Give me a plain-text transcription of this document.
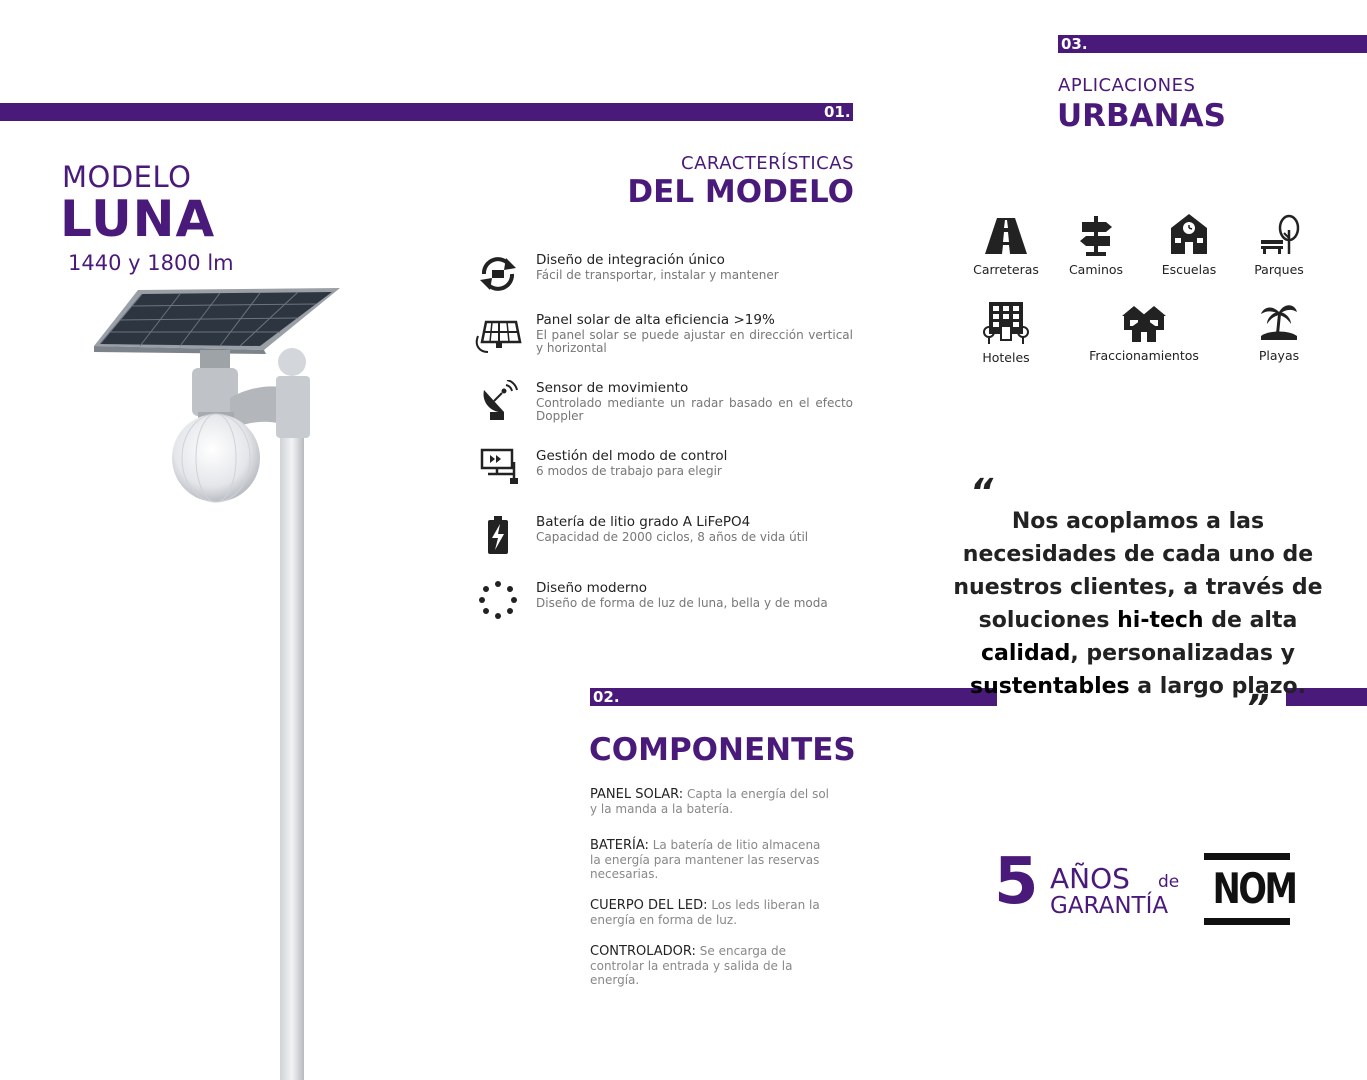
MODELO
LUNA
1440 y 1800 lm
01.
CARACTERÍSTICAS
DEL MODELO
Diseño de integración único
Fácil de transportar, instalar y mantener
Panel solar de alta eficiencia >19%
El panel solar se puede ajustar en dirección vertical y horizontal
Sensor de movimiento
Controlado mediante un radar basado en el efecto Doppler
Gestión del modo de control
6 modos de trabajo para elegir
Batería de litio grado A LiFePO4
Capacidad de 2000 ciclos, 8 años de vida útil
Diseño moderno
Diseño de forma de luz de luna, bella y de moda
02.
COMPONENTES
PANEL SOLAR: Capta la energía del sol y la manda a la batería.
BATERÍA: La batería de litio almacena la energía para mantener las reservas necesarias.
CUERPO DEL LED: Los leds liberan la energía en forma de luz.
CONTROLADOR: Se encarga de controlar la entrada y salida de la energía.
03.
APLICACIONES
URBANAS
Carreteras	Caminos	Escuelas	Parques
Hoteles	Fraccionamientos	Playas
“
Nos acoplamos a las necesidades de cada uno de nuestros clientes, a través de soluciones hi-tech de alta calidad, personalizadas y sustentables a largo plazo.
”
5 AÑOS de
GARANTÍA NOM
